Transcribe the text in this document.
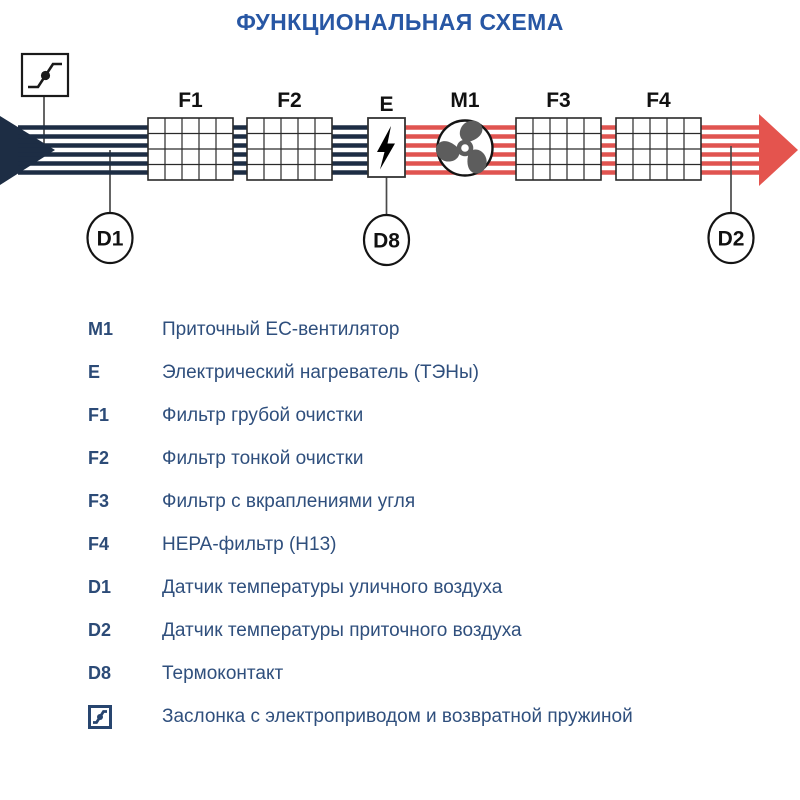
ФУНКЦИОНАЛЬНАЯ СХЕМА
F1	F2	E	M1	F3	F4
D1	D8	D2
M1	Приточный EC-вентилятор
E	Электрический нагреватель (ТЭНы)
F1	Фильтр грубой очистки
F2	Фильтр тонкой очистки
F3	Фильтр с вкраплениями угля
F4	HEPA-фильтр (H13)
D1	Датчик температуры уличного воздуха
D2	Датчик температуры приточного воздуха
D8	Термоконтакт
Заслонка с электроприводом и возвратной пружиной
